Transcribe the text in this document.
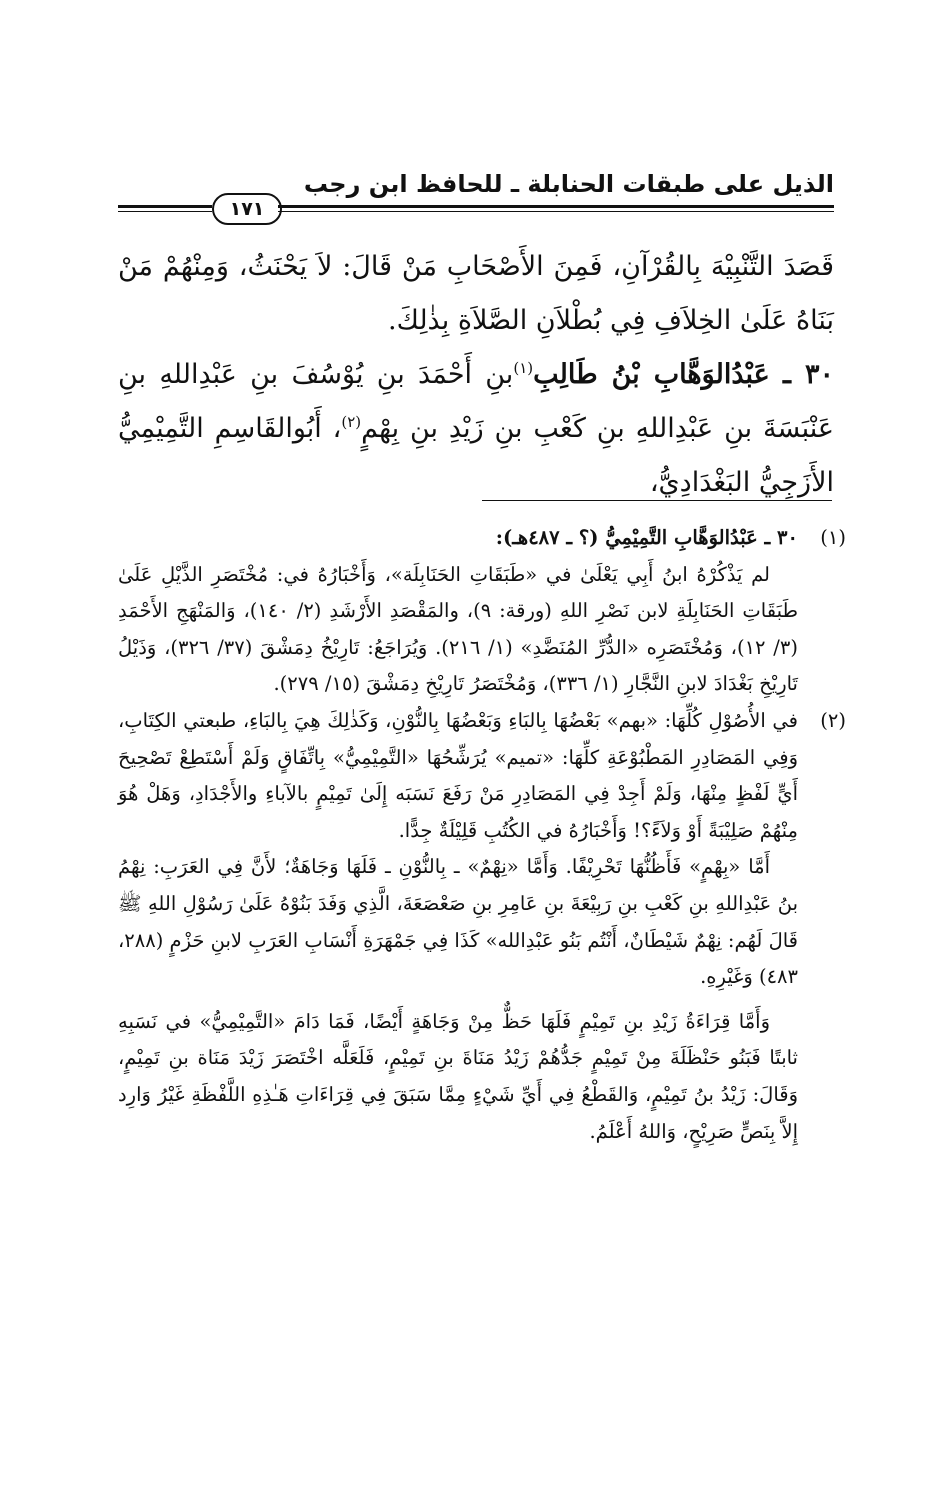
الذيل على طبقات الحنابلة ـ للحافظ ابن رجب
١٧١

قَصَدَ التَّنْبِيْهَ بِالقُرْآنِ، فَمِنَ الأَصْحَابِ مَنْ قَالَ: لاَ يَحْنَثُ، وَمِنْهُمْ مَنْ بَنَاهُ عَلَىٰ الخِلاَفِ فِي بُطْلاَنِ الصَّلاَةِ بِذٰلِكَ.

٣٠ ـ عَبْدُالوَهَّابِ بْنُ طَالِبِ$^{(١)}$بنِ أَحْمَدَ بنِ يُوْسُفَ بنِ عَبْدِاللهِ بنِ عَنْبَسَةَ بنِ عَبْدِاللهِ بنِ كَعْبِ بنِ زَيْدِ بنِ بِهْمٍ$^{(٢)}$، أَبُوالقَاسِمِ التَّمِيْمِيُّ الأَزَجِيُّ البَغْدَادِيُّ،

(١)

٣٠ ـ عَبْدُالوَهَّابِ التَّمِيْمِيُّ (؟ ـ ٤٨٧هـ):

لم يَذْكُرْهُ ابنُ أَبِي يَعْلَىٰ في «طَبَقَاتِ الحَنَابِلَة»، وَأَخْبَارُهُ في: مُخْتَصَرِ الذَّيْلِ عَلَىٰ طَبَقَاتِ الحَنَابِلَةِ لابن نَصْرِ اللهِ (ورقة: ٩)، والمَقْصَدِ الأَرْشَدِ (٢/ ١٤٠)، وَالمَنْهَجِ الأَحْمَدِ (٣/ ١٢)، وَمُخْتَصَرِه «الدُّرِّ المُنَضَّدِ» (١/ ٢١٦). وَيُرَاجَعُ: تَارِيْخُ دِمَشْقَ (٣٧/ ٣٢٦)، وَذَيْلُ تَارِيْخِ بَغْدَادَ لابنِ النَّجَّارِ (١/ ٣٣٦)، وَمُخْتَصَرُ تَارِيْخِ دِمَشْقَ (١٥/ ٢٧٩).

(٢)

في الأُصُوْلِ كُلِّهَا: «بهم» بَعْضُهَا بِالبَاءِ وَبَعْضُهَا بِالنُّوْنِ، وَكَذٰلِكَ هِيَ بِالبَاءِ، طبعتي الكِتَابِ، وَفِي المَصَادِرِ المَطْبُوْعَةِ كلِّهَا: «تميم» يُرَشِّحُهَا «التَّمِيْمِيُّ» بِاتِّفَاقٍ وَلَمْ أَسْتَطِعْ تَصْحِيحَ أَيٍّ لَفْظٍ مِنْهَا، وَلَمْ أَجِدْ فِي المَصَادِرِ مَنْ رَفَعَ نَسَبَه إِلَىٰ تَمِيْمٍ بالآباءِ والأَجْدَادِ، وَهَلْ هُوَ مِنْهُمْ صَلِيْبَةً أَوْ وَلاَءً؟! وَأَخْبَارُهُ في الكُتُبِ قَلِيْلَةٌ جِدًّا.

أَمَّا «بِهْمٍ» فَأَظُنُّهَا تَحْرِيْفًا. وَأَمَّا «نِهْمٌ» ـ بِالنُّوْنِ ـ فَلَهَا وَجَاهَةٌ؛ لأَنَّ فِي العَرَبِ: نِهْمُ بنُ عَبْدِاللهِ بنِ كَعْبِ بنِ رَبِيْعَةَ بنِ عَامِرِ بنِ صَعْصَعَةَ، الَّذِي وَفَدَ بَنُوْهُ عَلَىٰ رَسُوْلِ اللهِ ﷺ قَالَ لَهُم: نِهْمٌ شَيْطَانٌ، أَنْتُم بَنُو عَبْدِالله» كَذَا فِي جَمْهَرَةِ أَنْسَابِ العَرَبِ لابنِ حَزْمٍ (٢٨٨، ٤٨٣) وَغَيْرِهِ.

وَأَمَّا قِرَاءَةُ زَيْدِ بنِ تَمِيْمٍ فَلَهَا حَظٌّ مِنْ وَجَاهَةٍ أَيْضًا، فَمَا دَامَ «التَّمِيْمِيُّ» في نَسَبِهِ ثابتًا فَبَنُو حَنْظَلَةَ مِنْ تَمِيْمٍ جَدُّهُمْ زَيْدُ مَنَاةَ بنِ تَمِيْمٍ، فَلَعَلَّه اخْتَصَرَ زَيْدَ مَنَاة بنِ تَمِيْمٍ، وَقَالَ: زَيْدُ بنُ تَمِيْمٍ، وَالقَطْعُ فِي أَيِّ شَيْءٍ مِمَّا سَبَقَ فِي قِرَاءَاتِ هَـٰذِهِ اللَّفْظَةِ غَيْرُ وَارِد إِلاَّ بِنَصٍّ صَرِيْحٍ، وَاللهُ أَعْلَمُ.
